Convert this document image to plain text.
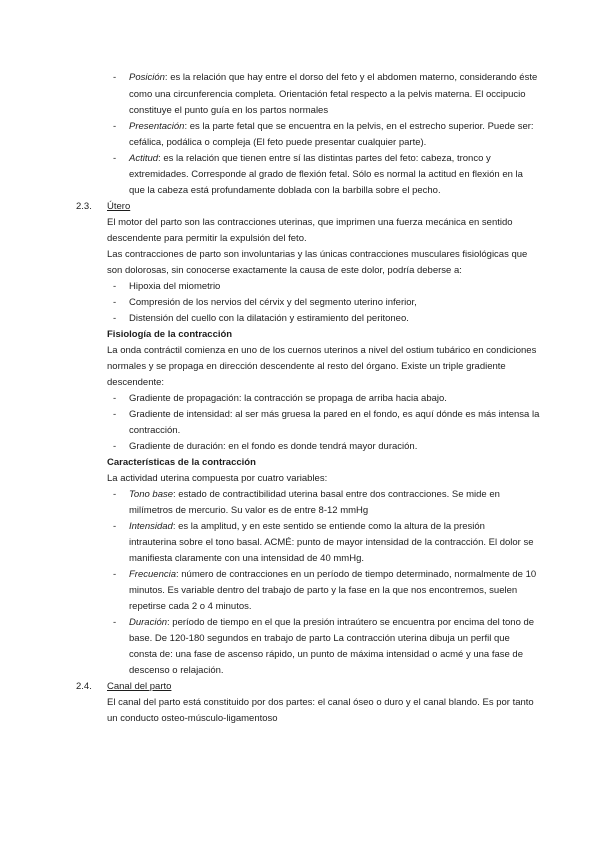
- Posición: es la relación que hay entre el dorso del feto y el abdomen materno, considerando éste
como una circunferencia completa. Orientación fetal respecto a la pelvis materna. El occipucio
constituye el punto guía en los partos normales
- Presentación: es la parte fetal que se encuentra en la pelvis, en el estrecho superior. Puede ser:
cefálica, podálica o compleja (El feto puede presentar cualquier parte).
- Actitud: es la relación que tienen entre sí las distintas partes del feto: cabeza, tronco y
extremidades. Corresponde al grado de flexión fetal. Sólo es normal la actitud en flexión en la
que la cabeza está profundamente doblada con la barbilla sobre el pecho.
2.3. Útero
El motor del parto son las contracciones uterinas, que imprimen una fuerza mecánica en sentido
descendente para permitir la expulsión del feto.
Las contracciones de parto son involuntarias y las únicas contracciones musculares fisiológicas que
son dolorosas, sin conocerse exactamente la causa de este dolor, podría deberse a:
- Hipoxia del miometrio
- Compresión de los nervios del cérvix y del segmento uterino inferior,
- Distensión del cuello con la dilatación y estiramiento del peritoneo.
Fisiología de la contracción
La onda contráctil comienza en uno de los cuernos uterinos a nivel del ostium tubárico en condiciones
normales y se propaga en dirección descendente al resto del órgano. Existe un triple gradiente
descendente:
- Gradiente de propagación: la contracción se propaga de arriba hacia abajo.
- Gradiente de intensidad: al ser más gruesa la pared en el fondo, es aquí dónde es más intensa la
contracción.
- Gradiente de duración: en el fondo es donde tendrá mayor duración.
Características de la contracción
La actividad uterina compuesta por cuatro variables:
- Tono base: estado de contractibilidad uterina basal entre dos contracciones. Se mide en
milímetros de mercurio. Su valor es de entre 8-12 mmHg
- Intensidad: es la amplitud, y en este sentido se entiende como la altura de la presión
intrauterina sobre el tono basal. ACMÉ: punto de mayor intensidad de la contracción. El dolor se
manifiesta claramente con una intensidad de 40 mmHg.
- Frecuencia: número de contracciones en un período de tiempo determinado, normalmente de 10
minutos. Es variable dentro del trabajo de parto y la fase en la que nos encontremos, suelen
repetirse cada 2 o 4 minutos.
- Duración: período de tiempo en el que la presión intraútero se encuentra por encima del tono de
base. De 120-180 segundos en trabajo de parto La contracción uterina dibuja un perfil que
consta de: una fase de ascenso rápido, un punto de máxima intensidad o acmé y una fase de
descenso o relajación.
2.4. Canal del parto
El canal del parto está constituido por dos partes: el canal óseo o duro y el canal blando. Es por tanto
un conducto osteo-músculo-ligamentoso
